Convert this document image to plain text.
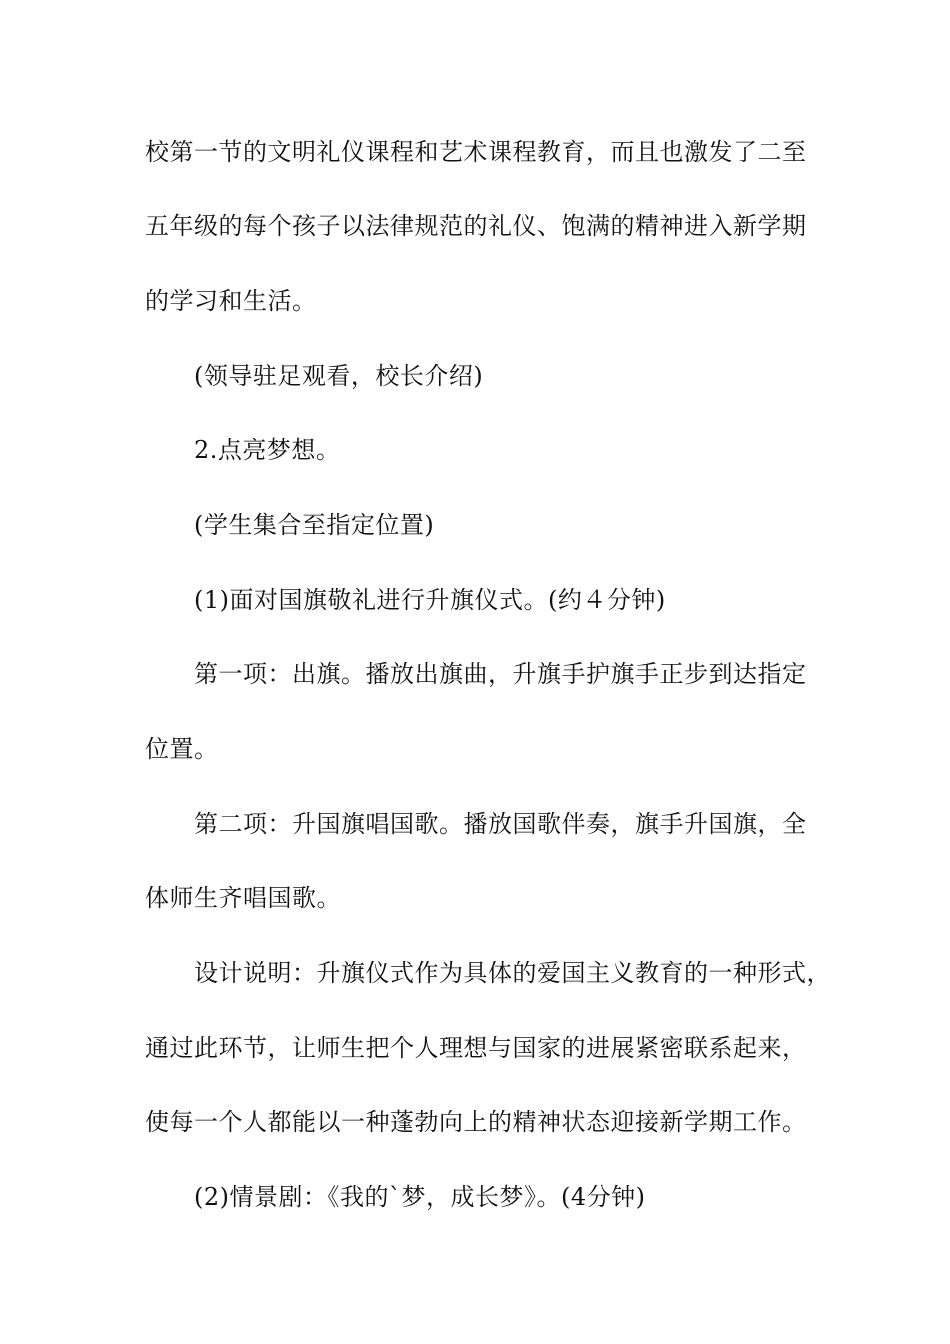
校第一节的文明礼仪课程和艺术课程教育，而且也激发了二至
五年级的每个孩子以法律规范的礼仪、饱满的精神进入新学期
的学习和生活。
(领导驻足观看，校长介绍)
2.点亮梦想。
(学生集合至指定位置)
(1)面对国旗敬礼进行升旗仪式。(约４分钟)
第一项：出旗。播放出旗曲，升旗手护旗手正步到达指定
位置。
第二项：升国旗唱国歌。播放国歌伴奏，旗手升国旗，全
体师生齐唱国歌。
设计说明：升旗仪式作为具体的爱国主义教育的一种形式，
通过此环节，让师生把个人理想与国家的进展紧密联系起来，
使每一个人都能以一种蓬勃向上的精神状态迎接新学期工作。
(2)情景剧：《我的`梦，成长梦》。(4分钟)
